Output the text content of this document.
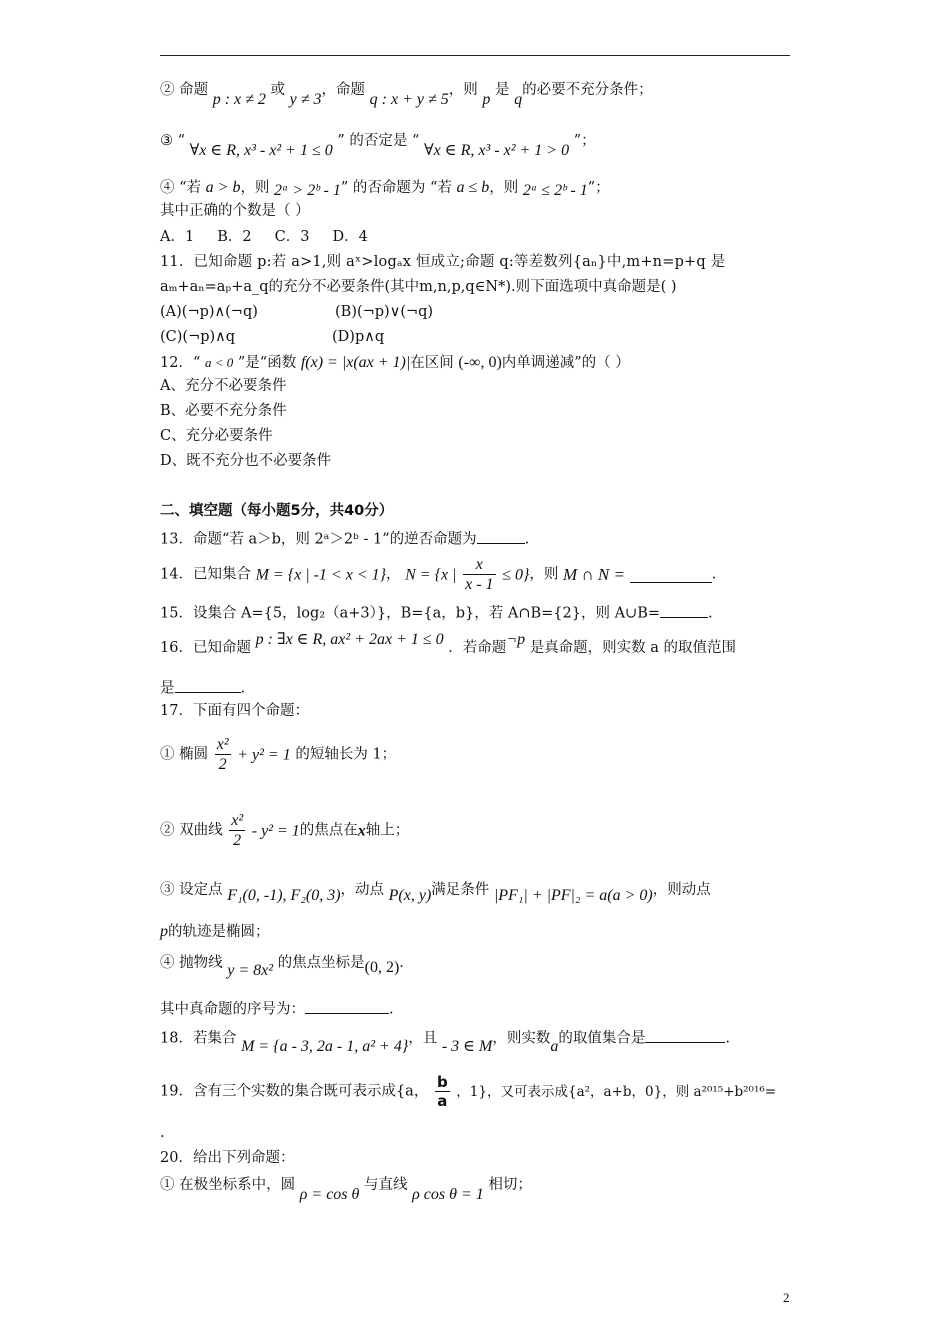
② 命题 p : x ≠ 2 或 y ≠ 3，命题 q : x + y ≠ 5，则 p 是 q的必要不充分条件；
③ “ ∀x ∈ R, x³ - x² + 1 ≤ 0 ” 的否定是 “ ∀x ∈ R, x³ - x² + 1 > 0 ”；
④ “若 a > b，则 2ᵃ > 2ᵇ - 1” 的否命题为 “若 a ≤ b，则 2ᵃ ≤ 2ᵇ - 1”；
其中正确的个数是（ ）
A．1     B．2     C．3     D．4
11．已知命题 p:若 a>1,则 aˣ>logₐx 恒成立;命题 q:等差数列{aₙ}中,m+n=p+q 是
aₘ+aₙ=aₚ+a_q的充分不必要条件(其中m,n,p,q∈N*).则下面选项中真命题是( )
(A)(¬p)∧(¬q)	(B)(¬p)∨(¬q)
(C)(¬p)∧q	(D)p∧q
12．“ a < 0 ”是“函数 f(x) = |x(ax + 1)|在区间 (-∞, 0)内单调递减”的（ ）
A、充分不必要条件
B、必要不充分条件
C、充分必要条件
D、既不充分也不必要条件
二、填空题（每小题5分，共40分）
13．命题“若 a＞b，则 2ᵃ＞2ᵇ - 1”的逆否命题为	.
14．已知集合 M = {x | -1 < x < 1}， N = {x | $\frac{x}{x - 1} \le 0$}，则 M ∩ N =	.
15．设集合 A={5，log₂（a+3）}，B={a，b}，若 A∩B={2}，则 A∪B=	.
16．已知命题 p : ∃x ∈ R, ax² + 2ax + 1 ≤ 0 ．若命题¬p 是真命题，则实数 a 的取值范围
是	.
17．下面有四个命题：
① 椭圆 $\frac{\text{x²}}{2} + y^2 = 1$ 的短轴长为 1；
② 双曲线 $\frac{\text{x²}}{2} - y^2 = 1$的焦点在x轴上；
③ 设定点 F₁(0, -1), F₂(0, 3)，动点 P(x, y)满足条件 |PF₁| + |PF|₂ = a(a > 0)，则动点
p的轨迹是椭圆；
④ 抛物线 y = 8x² 的焦点坐标是(0, 2)．
其中真命题的序号为：	.
18．若集合 M = {a - 3, 2a - 1, a² + 4}，且 - 3 ∈ M，则实数a的取值集合是	.
19．含有三个实数的集合既可表示成{a， $\frac{b}{a}$ ，1}，又可表示成{a²，a+b，0}，则 a²⁰¹⁵+b²⁰¹⁶=
.
20．给出下列命题：
① 在极坐标系中，圆 ρ = cos θ 与直线 ρ cos θ = 1 相切；
2
